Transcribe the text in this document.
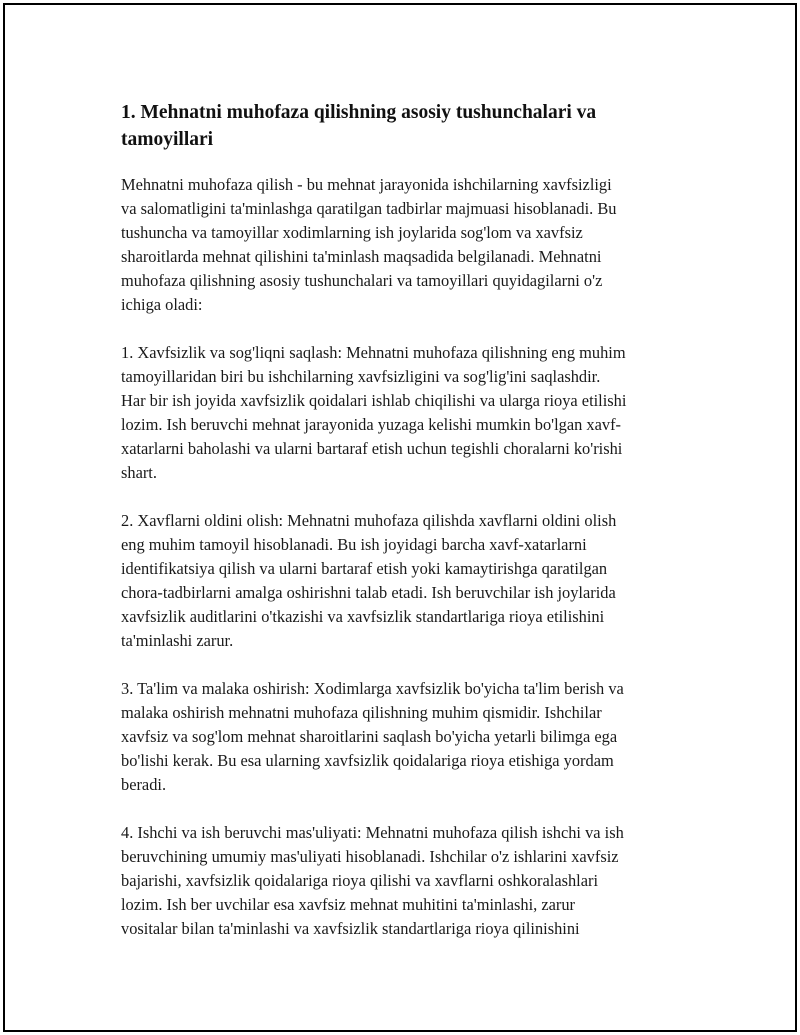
1. Mehnatni muhofaza qilishning asosiy tushunchalari va
tamoyillari

Mehnatni muhofaza qilish - bu mehnat jarayonida ishchilarning xavfsizligi
va salomatligini ta'minlashga qaratilgan tadbirlar majmuasi hisoblanadi. Bu
tushuncha va tamoyillar xodimlarning ish joylarida sog'lom va xavfsiz
sharoitlarda mehnat qilishini ta'minlash maqsadida belgilanadi. Mehnatni
muhofaza qilishning asosiy tushunchalari va tamoyillari quyidagilarni o'z
ichiga oladi:

1. Xavfsizlik va sog'liqni saqlash: Mehnatni muhofaza qilishning eng muhim
tamoyillaridan biri bu ishchilarning xavfsizligini va sog'lig'ini saqlashdir.
Har bir ish joyida xavfsizlik qoidalari ishlab chiqilishi va ularga rioya etilishi
lozim. Ish beruvchi mehnat jarayonida yuzaga kelishi mumkin bo'lgan xavf-
xatarlarni baholashi va ularni bartaraf etish uchun tegishli choralarni ko'rishi
shart.

2. Xavflarni oldini olish: Mehnatni muhofaza qilishda xavflarni oldini olish
eng muhim tamoyil hisoblanadi. Bu ish joyidagi barcha xavf-xatarlarni
identifikatsiya qilish va ularni bartaraf etish yoki kamaytirishga qaratilgan
chora-tadbirlarni amalga oshirishni talab etadi. Ish beruvchilar ish joylarida
xavfsizlik auditlarini o'tkazishi va xavfsizlik standartlariga rioya etilishini
ta'minlashi zarur.

3. Ta'lim va malaka oshirish: Xodimlarga xavfsizlik bo'yicha ta'lim berish va
malaka oshirish mehnatni muhofaza qilishning muhim qismidir. Ishchilar
xavfsiz va sog'lom mehnat sharoitlarini saqlash bo'yicha yetarli bilimga ega
bo'lishi kerak. Bu esa ularning xavfsizlik qoidalariga rioya etishiga yordam
beradi.

4. Ishchi va ish beruvchi mas'uliyati: Mehnatni muhofaza qilish ishchi va ish
beruvchining umumiy mas'uliyati hisoblanadi. Ishchilar o'z ishlarini xavfsiz
bajarishi, xavfsizlik qoidalariga rioya qilishi va xavflarni oshkoralashlari
lozim. Ish ber uvchilar esa xavfsiz mehnat muhitini ta'minlashi, zarur
vositalar bilan ta'minlashi va xavfsizlik standartlariga rioya qilinishini
